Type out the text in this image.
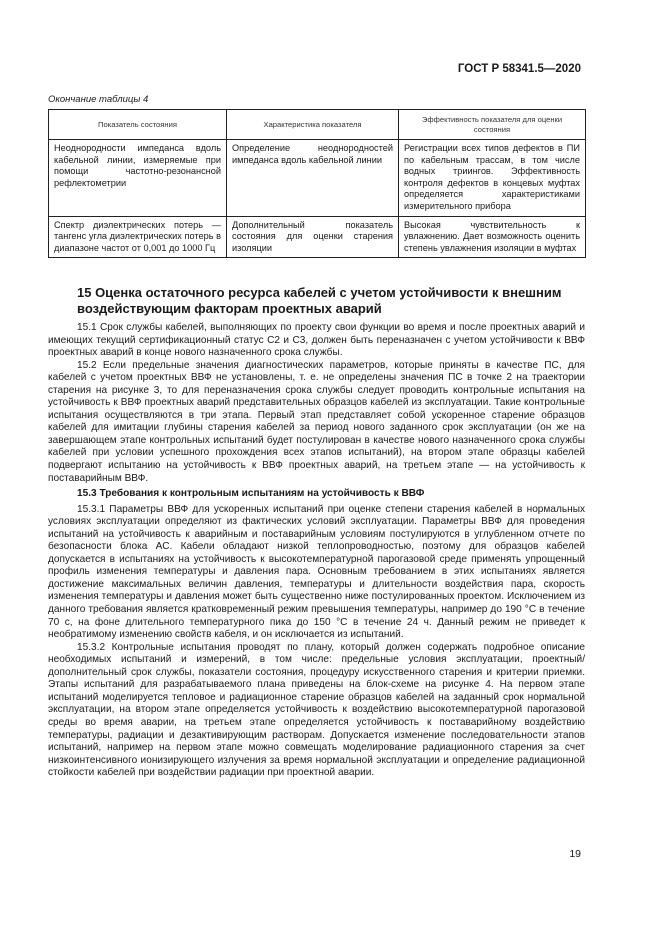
ГОСТ Р 58341.5—2020
Окончание таблицы 4
Показатель состояния	Характеристика показателя	Эффективность показателя для оценки состояния
Неоднородности импеданса вдоль кабельной линии, измеряемые при помощи частотно-резонансной рефлектометрии	Определение неоднородностей импеданса вдоль кабельной линии	Регистрации всех типов дефектов в ПИ по кабельным трассам, в том числе водных триингов. Эффективность контроля дефектов в концевых муфтах определяется характеристиками измерительного прибора
Спектр диэлектрических потерь — тангенс угла диэлектрических потерь в диапазоне частот от 0,001 до 1000 Гц	Дополнительный показатель состояния для оценки старения изоляции	Высокая чувствительность к увлажнению. Дает возможность оценить степень увлажнения изоляции в муфтах
15 Оценка остаточного ресурса кабелей с учетом устойчивости к внешним воздействующим факторам проектных аварий

15.1 Срок службы кабелей, выполняющих по проекту свои функции во время и после проектных аварий и имеющих текущий сертификационный статус С2 и С3, должен быть переназначен с учетом устойчивости к ВВФ проектных аварий в конце нового назначенного срока службы.

15.2 Если предельные значения диагностических параметров, которые приняты в качестве ПС, для кабелей с учетом проектных ВВФ не установлены, т. е. не определены значения ПС в точке 2 на траектории старения на рисунке 3, то для переназначения срока службы следует проводить контрольные испытания на устойчивость к ВВФ проектных аварий представительных образцов кабелей из эксплуатации. Такие контрольные испытания осуществляются в три этапа. Первый этап представляет собой ускоренное старение образцов кабелей для имитации глубины старения кабелей за период нового заданного срок эксплуатации (он же на завершающем этапе контрольных испытаний будет постулирован в качестве нового назначенного срока службы кабелей при условии успешного прохождения всех этапов испытаний), на втором этапе образцы кабелей подвергают испытанию на устойчивость к ВВФ проектных аварий, на третьем этапе — на устойчивость к поставарийным ВВФ.

15.3 Требования к контрольным испытаниям на устойчивость к ВВФ

15.3.1 Параметры ВВФ для ускоренных испытаний при оценке степени старения кабелей в нормальных условиях эксплуатации определяют из фактических условий эксплуатации. Параметры ВВФ для проведения испытаний на устойчивость к аварийным и поставарийным условиям постулируются в углубленном отчете по безопасности блока АС. Кабели обладают низкой теплопроводностью, поэтому для образцов кабелей допускается в испытаниях на устойчивость к высокотемпературной парогазовой среде применять упрощенный профиль изменения температуры и давления пара. Основным требованием в этих испытаниях является достижение максимальных величин давления, температуры и длительности воздействия пара, скорость изменения температуры и давления может быть существенно ниже постулированных проектом. Исключением из данного требования является кратковременный режим превышения температуры, например до 190 °С в течение 70 с, на фоне длительного температурного пика до 150 °С в течение 24 ч. Данный режим не приведет к необратимому изменению свойств кабеля, и он исключается из испытаний.

15.3.2 Контрольные испытания проводят по плану, который должен содержать подробное описание необходимых испытаний и измерений, в том числе: предельные условия эксплуатации, проектный/дополнительный срок службы, показатели состояния, процедуру искусственного старения и критерии приемки. Этапы испытаний для разрабатываемого плана приведены на блок-схеме на рисунке 4. На первом этапе испытаний моделируется тепловое и радиационное старение образцов кабелей на заданный срок нормальной эксплуатации, на втором этапе определяется устойчивость к воздействию высокотемпературной парогазовой среды во время аварии, на третьем этапе определяется устойчивость к поставарийному воздействию температуры, радиации и дезактивирующим растворам. Допускается изменение последовательности этапов испытаний, например на первом этапе можно совмещать моделирование радиационного старения за счет низкоинтенсивного ионизирующего излучения за время нормальной эксплуатации и определение радиационной стойкости кабелей при воздействии радиации при проектной аварии.

19
